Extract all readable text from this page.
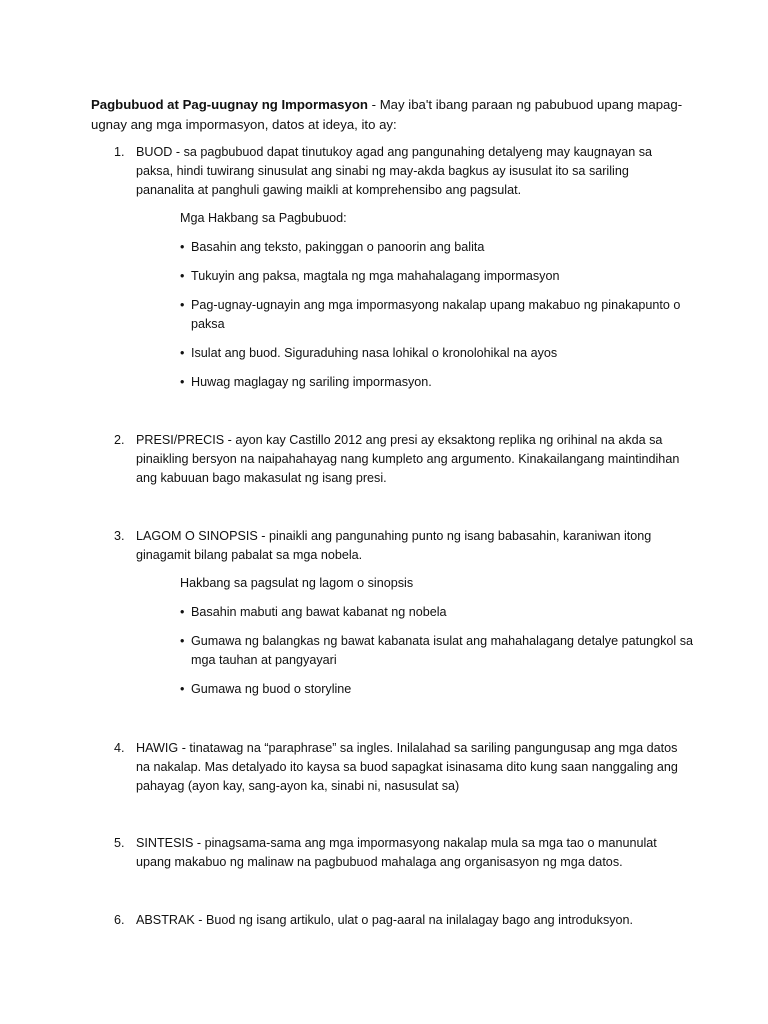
Pagbubuod at Pag-uugnay ng Impormasyon - May iba't ibang paraan ng pabubuod upang mapag-ugnay ang mga impormasyon, datos at ideya, ito ay:
1. BUOD - sa pagbubuod dapat tinutukoy agad ang pangunahing detalyeng may kaugnayan sa paksa, hindi tuwirang sinusulat ang sinabi ng may-akda bagkus ay isusulat ito sa sariling pananalita at panghuli gawing maikli at komprehensibo ang pagsulat.
Mga Hakbang sa Pagbubuod:
• Basahin ang teksto, pakinggan o panoorin ang balita
• Tukuyin ang paksa, magtala ng mga mahahalagang impormasyon
• Pag-ugnay-ugnayin ang mga impormasyong nakalap upang makabuo ng pinakapunto o paksa
• Isulat ang buod. Siguraduhing nasa lohikal o kronolohikal na ayos
• Huwag maglagay ng sariling impormasyon.
2. PRESI/PRECIS - ayon kay Castillo 2012 ang presi ay eksaktong replika ng orihinal na akda sa pinaikling bersyon na naipahahayag nang kumpleto ang argumento. Kinakailangang maintindihan ang kabuuan bago makasulat ng isang presi.
3. LAGOM O SINOPSIS - pinaikli ang pangunahing punto ng isang babasahin, karaniwan itong ginagamit bilang pabalat sa mga nobela.
Hakbang sa pagsulat ng lagom o sinopsis
• Basahin mabuti ang bawat kabanat ng nobela
• Gumawa ng balangkas ng bawat kabanata isulat ang mahahalagang detalye patungkol sa mga tauhan at pangyayari
• Gumawa ng buod o storyline
4. HAWIG - tinatawag na “paraphrase” sa ingles. Inilalahad sa sariling pangungusap ang mga datos na nakalap. Mas detalyado ito kaysa sa buod sapagkat isinasama dito kung saan nanggaling ang pahayag (ayon kay, sang-ayon ka, sinabi ni, nasusulat sa)
5. SINTESIS - pinagsama-sama ang mga impormasyong nakalap mula sa mga tao o manunulat upang makabuo ng malinaw na pagbubuod mahalaga ang organisasyon ng mga datos.
6. ABSTRAK - Buod ng isang artikulo, ulat o pag-aaral na inilalagay bago ang introduksyon.
